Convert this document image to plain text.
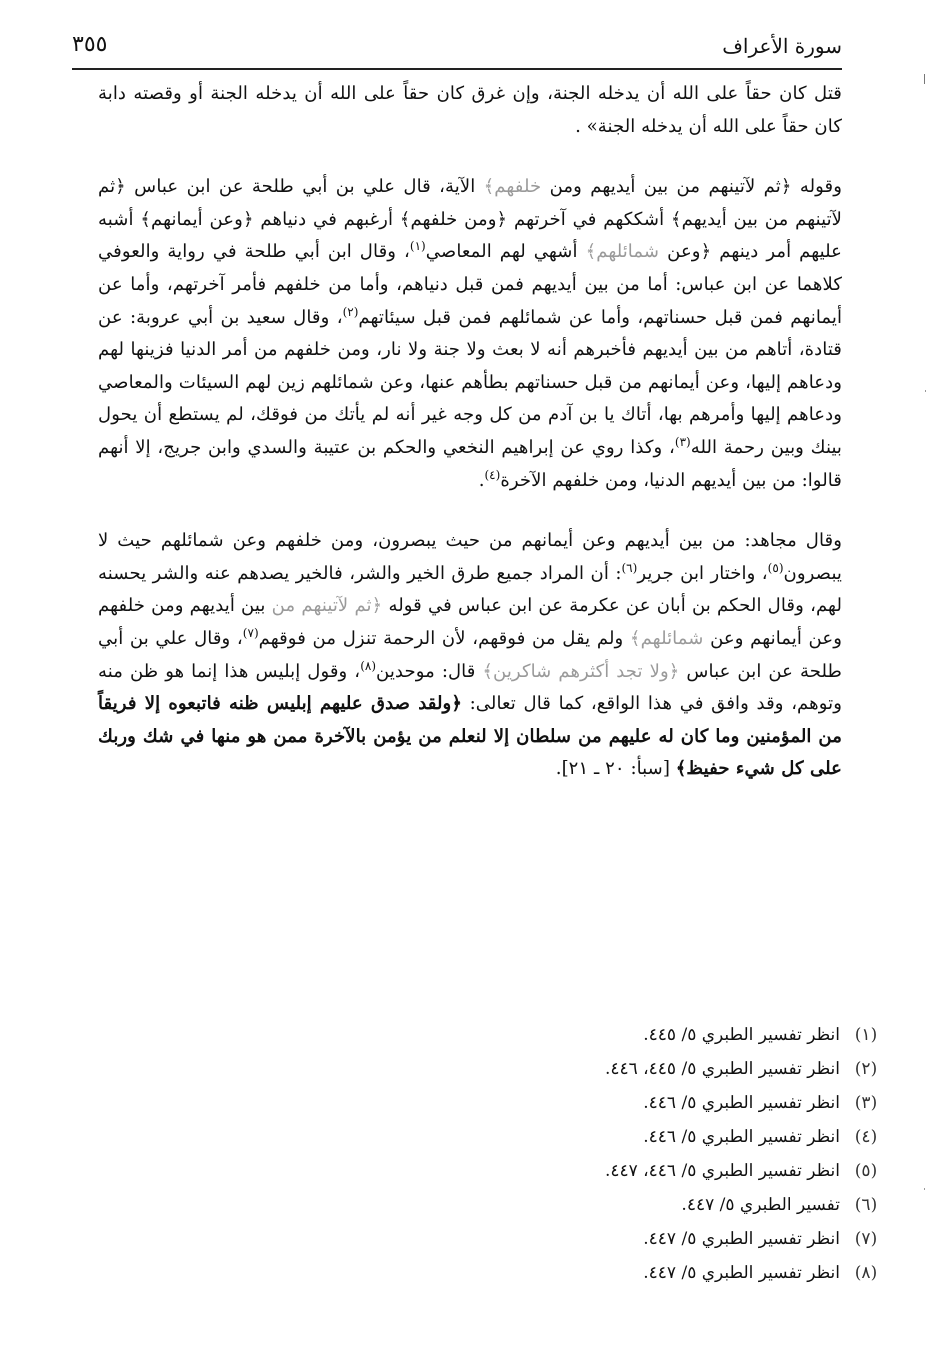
سورة الأعراف
٣٥٥

قتل كان حقاً على الله أن يدخله الجنة، وإن غرق كان حقاً على الله أن يدخله الجنة أو وقصته دابة كان حقاً على الله أن يدخله الجنة» .

وقوله ﴿ثم لآتينهم من بين أيديهم ومن خلفهم﴾ الآية، قال علي بن أبي طلحة عن ابن عباس ﴿ثم لآتينهم من بين أيديهم﴾ أشككهم في آخرتهم ﴿ومن خلفهم﴾ أرغبهم في دنياهم ﴿وعن أيمانهم﴾ أشبه عليهم أمر دينهم ﴿وعن شمائلهم﴾ أشهي لهم المعاصي$^{(١)}$، وقال ابن أبي طلحة في رواية والعوفي كلاهما عن ابن عباس: أما من بين أيديهم فمن قبل دنياهم، وأما من خلفهم فأمر آخرتهم، وأما عن أيمانهم فمن قبل حسناتهم، وأما عن شمائلهم فمن قبل سيئاتهم$^{(٢)}$، وقال سعيد بن أبي عروبة: عن قتادة، أتاهم من بين أيديهم فأخبرهم أنه لا بعث ولا جنة ولا نار، ومن خلفهم من أمر الدنيا فزينها لهم ودعاهم إليها، وعن أيمانهم من قبل حسناتهم بطأهم عنها، وعن شمائلهم زين لهم السيئات والمعاصي ودعاهم إليها وأمرهم بها، أتاك يا بن آدم من كل وجه غير أنه لم يأتك من فوقك، لم يستطع أن يحول بينك وبين رحمة الله$^{(٣)}$، وكذا روي عن إبراهيم النخعي والحكم بن عتيبة والسدي وابن جريج، إلا أنهم قالوا: من بين أيديهم الدنيا، ومن خلفهم الآخرة$^{(٤)}$.

وقال مجاهد: من بين أيديهم وعن أيمانهم من حيث يبصرون، ومن خلفهم وعن شمائلهم حيث لا يبصرون$^{(٥)}$، واختار ابن جرير$^{(٦)}$: أن المراد جميع طرق الخير والشر، فالخير يصدهم عنه والشر يحسنه لهم، وقال الحكم بن أبان عن عكرمة عن ابن عباس في قوله ﴿ثم لآتينهم من بين أيديهم ومن خلفهم وعن أيمانهم وعن شمائلهم﴾ ولم يقل من فوقهم، لأن الرحمة تنزل من فوقهم$^{(٧)}$، وقال علي بن أبي طلحة عن ابن عباس ﴿ولا تجد أكثرهم شاكرين﴾ قال: موحدين$^{(٨)}$، وقول إبليس هذا إنما هو ظن منه وتوهم، وقد وافق في هذا الواقع، كما قال تعالى: ﴿ولقد صدق عليهم إبليس ظنه فاتبعوه إلا فريقاً من المؤمنين وما كان له عليهم من سلطان إلا لنعلم من يؤمن بالآخرة ممن هو منها في شك وربك على كل شيء حفيظ﴾ [سبأ: ٢٠ ـ ٢١].

(١)انظر تفسير الطبري ٥/ ٤٤٥.
(٢)انظر تفسير الطبري ٥/ ٤٤٥، ٤٤٦.
(٣)انظر تفسير الطبري ٥/ ٤٤٦.
(٤)انظر تفسير الطبري ٥/ ٤٤٦.
(٥)انظر تفسير الطبري ٥/ ٤٤٦، ٤٤٧.
(٦)تفسير الطبري ٥/ ٤٤٧.
(٧)انظر تفسير الطبري ٥/ ٤٤٧.
(٨)انظر تفسير الطبري ٥/ ٤٤٧.
